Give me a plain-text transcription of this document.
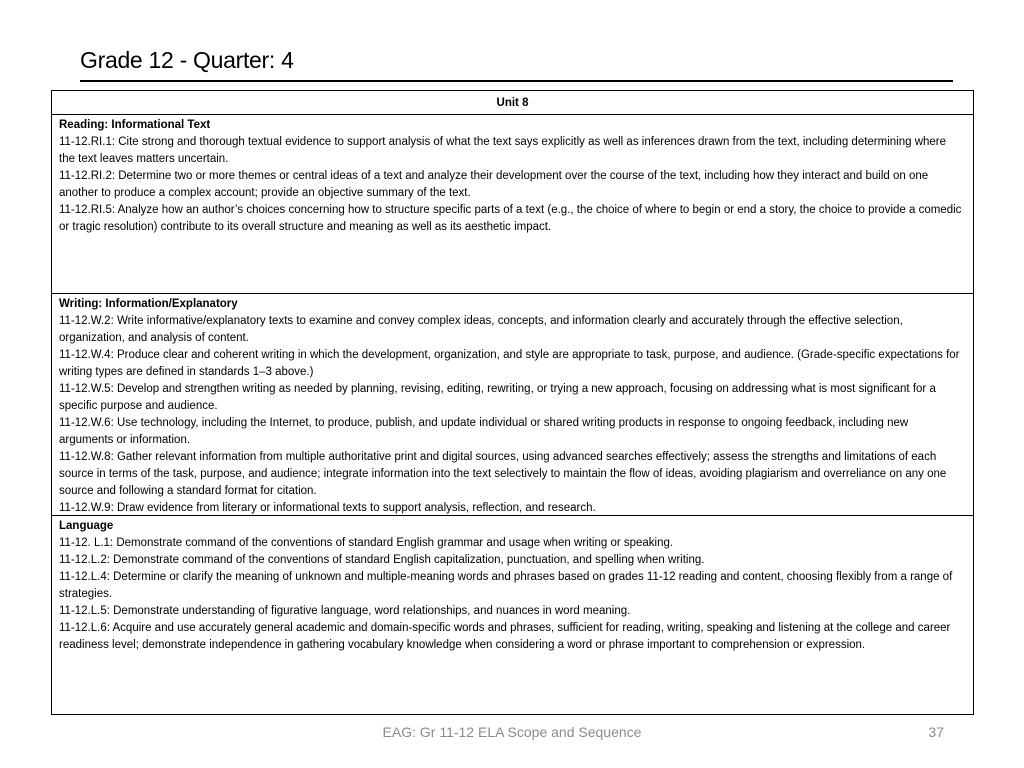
Grade 12 - Quarter: 4
Unit 8
Reading: Informational Text
11-12.RI.1: Cite strong and thorough textual evidence to support analysis of what the text says explicitly as well as inferences drawn from the text, including determining where the text leaves matters uncertain.
11-12.RI.2: Determine two or more themes or central ideas of a text and analyze their development over the course of the text, including how they interact and build on one another to produce a complex account; provide an objective summary of the text.
11-12.RI.5: Analyze how an author’s choices concerning how to structure specific parts of a text (e.g., the choice of where to begin or end a story, the choice to provide a comedic or tragic resolution) contribute to its overall structure and meaning as well as its aesthetic impact.
Writing: Information/Explanatory
11-12.W.2: Write informative/explanatory texts to examine and convey complex ideas, concepts, and information clearly and accurately through the effective selection, organization, and analysis of content.
11-12.W.4: Produce clear and coherent writing in which the development, organization, and style are appropriate to task, purpose, and audience. (Grade-specific expectations for writing types are defined in standards 1–3 above.)
11-12.W.5: Develop and strengthen writing as needed by planning, revising, editing, rewriting, or trying a new approach, focusing on addressing what is most significant for a specific purpose and audience.
11-12.W.6: Use technology, including the Internet, to produce, publish, and update individual or shared writing products in response to ongoing feedback, including new arguments or information.
11-12.W.8: Gather relevant information from multiple authoritative print and digital sources, using advanced searches effectively; assess the strengths and limitations of each source in terms of the task, purpose, and audience; integrate information into the text selectively to maintain the flow of ideas, avoiding plagiarism and overreliance on any one source and following a standard format for citation.
11-12.W.9: Draw evidence from literary or informational texts to support analysis, reflection, and research.
Language
11-12. L.1: Demonstrate command of the conventions of standard English grammar and usage when writing or speaking.
11-12.L.2: Demonstrate command of the conventions of standard English capitalization, punctuation, and spelling when writing.
11-12.L.4: Determine or clarify the meaning of unknown and multiple-meaning words and phrases based on grades 11-12 reading and content, choosing flexibly from a range of strategies.
11-12.L.5: Demonstrate understanding of figurative language, word relationships, and nuances in word meaning.
11-12.L.6: Acquire and use accurately general academic and domain-specific words and phrases, sufficient for reading, writing, speaking and listening at the college and career readiness level; demonstrate independence in gathering vocabulary knowledge when considering a word or phrase important to comprehension or expression.
EAG: Gr 11-12 ELA Scope and Sequence	37
